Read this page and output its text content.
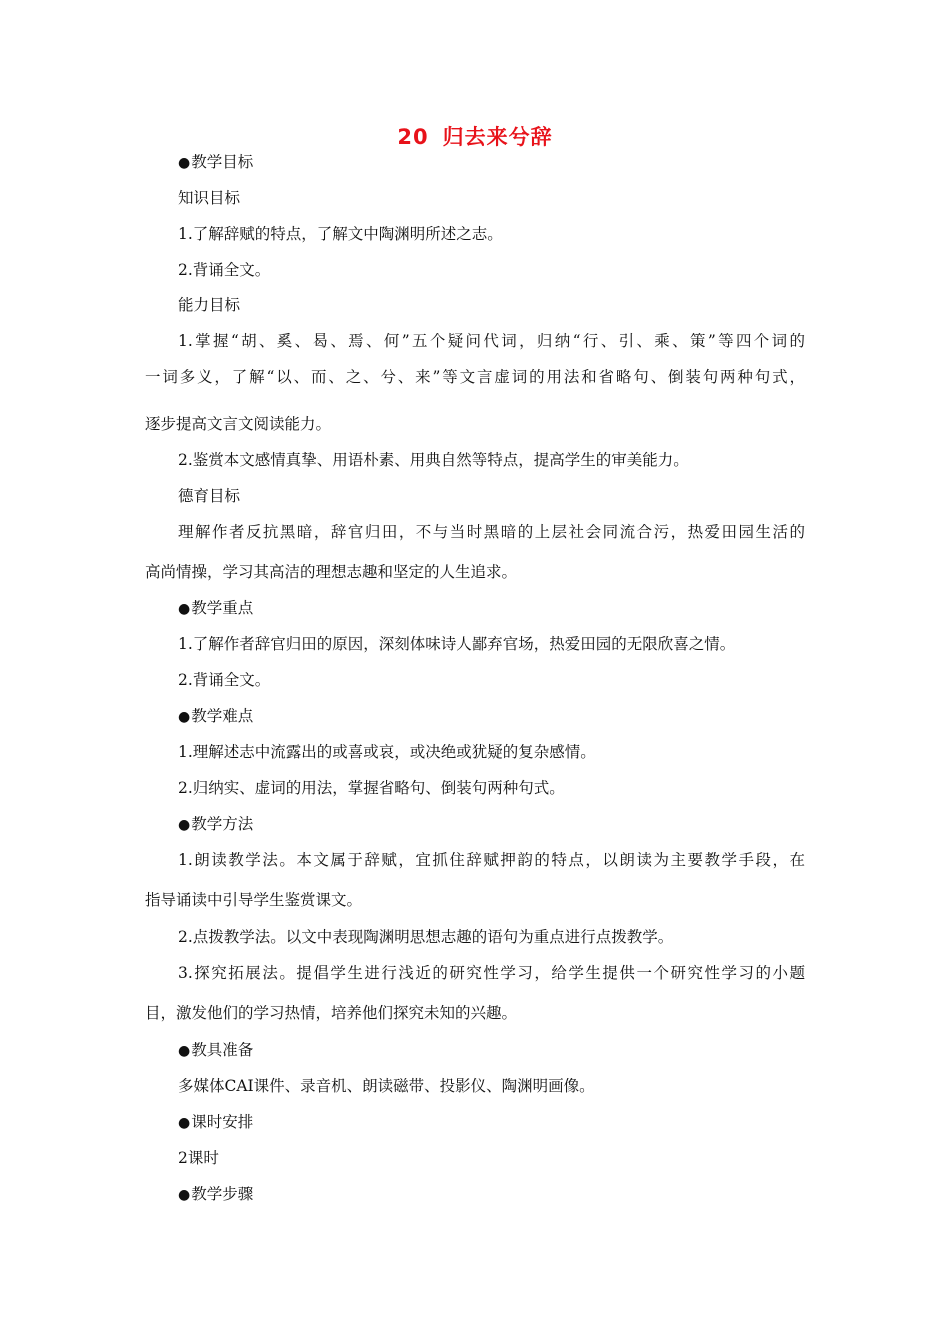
20 归去来兮辞
● 教学目标
知识目标
1.了解辞赋的特点，了解文中陶渊明所述之志。
2.背诵全文。
能力目标
1.掌握“胡、奚、曷、焉、何”五个疑问代词，归纳“行、引、乘、策”等四个词的
一词多义，了解“以、而、之、兮、来”等文言虚词的用法和省略句、倒装句两种句式，
逐步提高文言文阅读能力。
2.鉴赏本文感情真挚、用语朴素、用典自然等特点，提高学生的审美能力。
德育目标
理解作者反抗黑暗，辞官归田，不与当时黑暗的上层社会同流合污，热爱田园生活的
高尚情操，学习其高洁的理想志趣和坚定的人生追求。
● 教学重点
1.了解作者辞官归田的原因，深刻体味诗人鄙弃官场，热爱田园的无限欣喜之情。
2.背诵全文。
● 教学难点
1.理解述志中流露出的或喜或哀，或决绝或犹疑的复杂感情。
2.归纳实、虚词的用法，掌握省略句、倒装句两种句式。
● 教学方法
1.朗读教学法。本文属于辞赋，宜抓住辞赋押韵的特点，以朗读为主要教学手段，在
指导诵读中引导学生鉴赏课文。
2.点拨教学法。以文中表现陶渊明思想志趣的语句为重点进行点拨教学。
3.探究拓展法。提倡学生进行浅近的研究性学习，给学生提供一个研究性学习的小题
目，激发他们的学习热情，培养他们探究未知的兴趣。
● 教具准备
多媒体CAI课件、录音机、朗读磁带、投影仪、陶渊明画像。
● 课时安排
2课时
● 教学步骤
